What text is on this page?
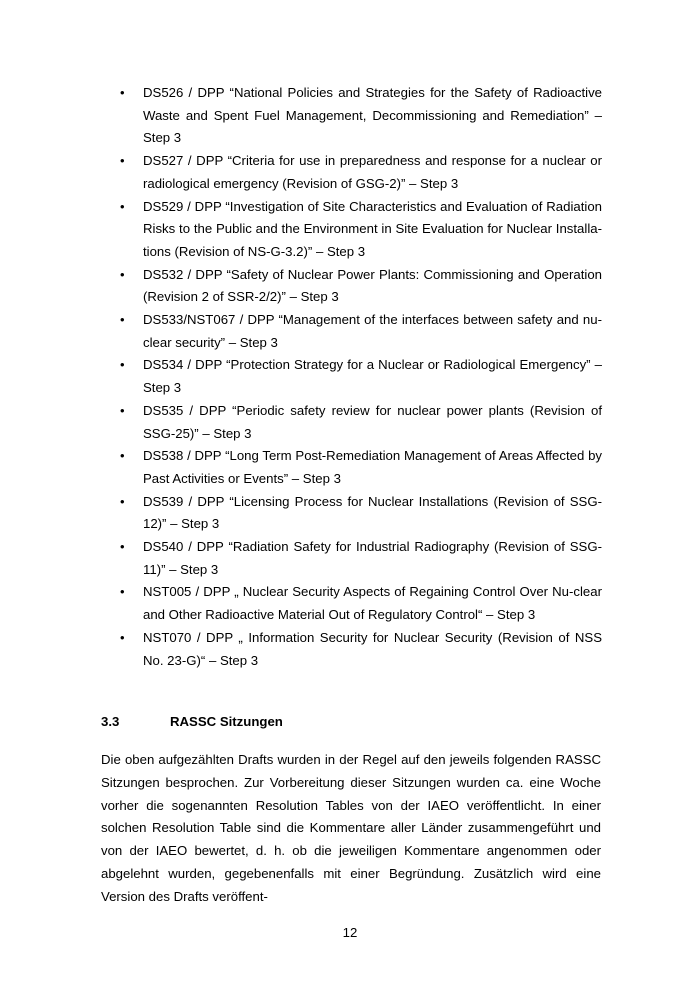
• DS526 / DPP “National Policies and Strategies for the Safety of Radioactive Waste and Spent Fuel Management, Decommissioning and Remediation” – Step 3
• DS527 / DPP “Criteria for use in preparedness and response for a nuclear or radiological emergency (Revision of GSG-2)” – Step 3
• DS529 / DPP “Investigation of Site Characteristics and Evaluation of Radiation Risks to the Public and the Environment in Site Evaluation for Nuclear Installations (Revision of NS-G-3.2)” – Step 3
• DS532 / DPP “Safety of Nuclear Power Plants: Commissioning and Operation (Revision 2 of SSR-2/2)” – Step 3
• DS533/NST067 / DPP “Management of the interfaces between safety and nuclear security” – Step 3
• DS534 / DPP “Protection Strategy for a Nuclear or Radiological Emergency” – Step 3
• DS535 / DPP “Periodic safety review for nuclear power plants (Revision of SSG-25)” – Step 3
• DS538 / DPP “Long Term Post-Remediation Management of Areas Affected by Past Activities or Events” – Step 3
• DS539 / DPP “Licensing Process for Nuclear Installations (Revision of SSG-12)” – Step 3
• DS540 / DPP “Radiation Safety for Industrial Radiography (Revision of SSG-11)” – Step 3
• NST005 / DPP „ Nuclear Security Aspects of Regaining Control Over Nu-clear and Other Radioactive Material Out of Regulatory Control“ – Step 3
• NST070 / DPP „ Information Security for Nuclear Security (Revision of NSS No. 23-G)“ – Step 3
3.3	RASSC Sitzungen

Die oben aufgezählten Drafts wurden in der Regel auf den jeweils folgenden RASSC Sitzungen besprochen. Zur Vorbereitung dieser Sitzungen wurden ca. eine Woche vorher die sogenannten Resolution Tables von der IAEO veröffentlicht. In einer solchen Resolution Table sind die Kommentare aller Länder zusammengeführt und von der IAEO bewertet, d. h. ob die jeweiligen Kommentare angenommen oder abgelehnt wurden, gegebenenfalls mit einer Begründung. Zusätzlich wird eine Version des Drafts veröffent-

12
